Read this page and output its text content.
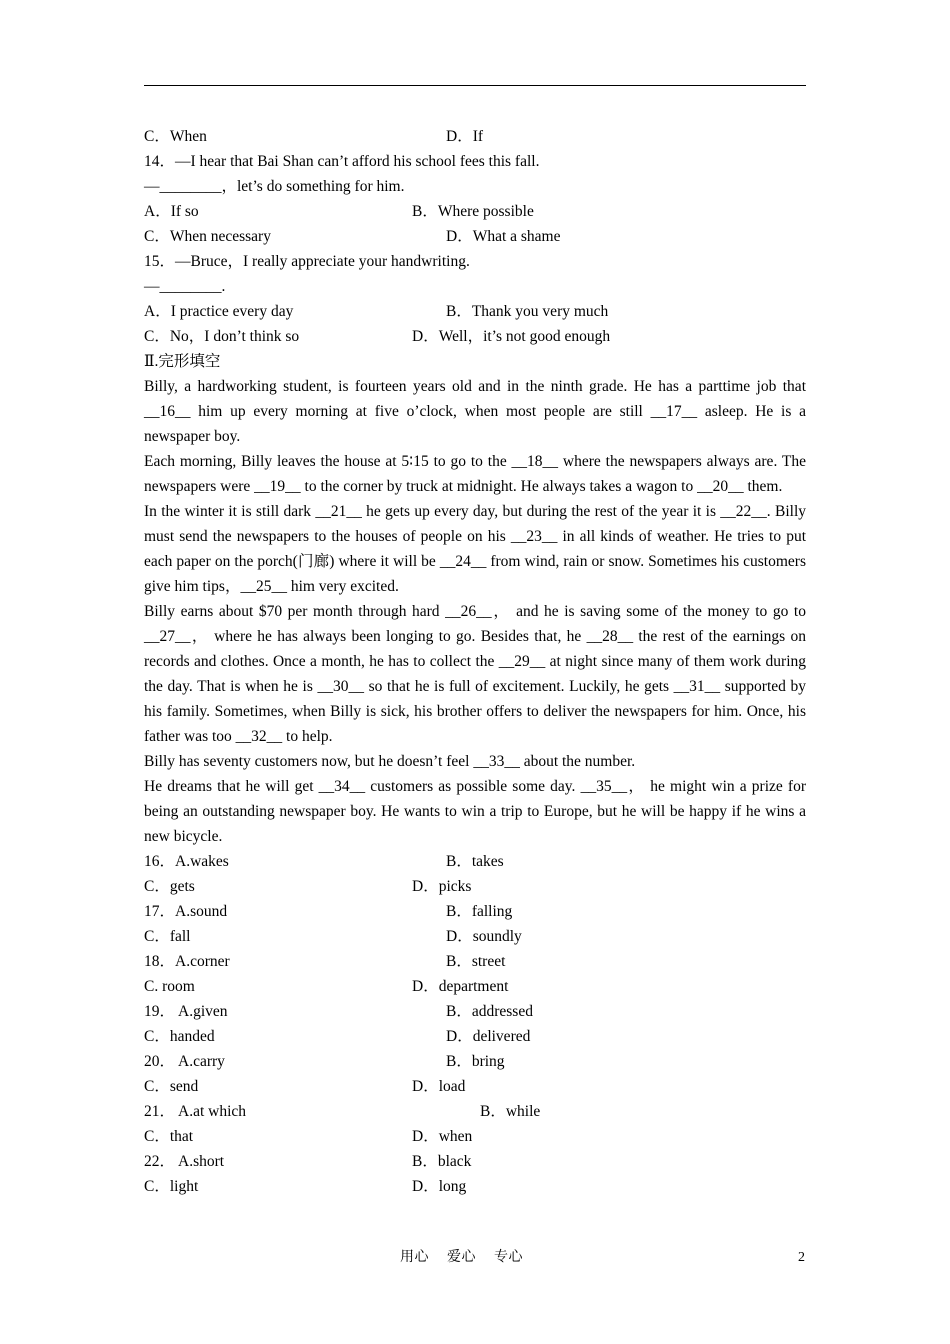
C．When	D．If
14．—I hear that Bai Shan can’t afford his school fees this fall.
—________，let’s do something for him.
A．If so	B．Where possible
C．When necessary	D．What a shame
15．—Bruce，I really appreciate your handwriting.
—________.
A．I practice every day	B．Thank you very much
C．No，I don’t think so	D．Well，it’s not good enough
Ⅱ.完形填空
Billy, a hardworking student, is fourteen years old and in the ninth grade. He has a parttime job that __16__ him up every morning at five o’clock, when most people are still __17__ asleep. He is a newspaper boy.
Each morning, Billy leaves the house at 5∶15 to go to the __18__ where the newspapers always are. The newspapers were __19__ to the corner by truck at midnight. He always takes a wagon to __20__ them.
In the winter it is still dark __21__ he gets up every day, but during the rest of the year it is __22__. Billy must send the newspapers to the houses of people on his __23__ in all kinds of weather. He tries to put each paper on the porch(门廊) where it will be __24__ from wind, rain or snow. Sometimes his customers give him tips，__25__ him very excited.
Billy earns about $70 per month through hard __26__， and he is saving some of the money to go to __27__， where he has always been longing to go. Besides that, he __28__ the rest of the earnings on records and clothes. Once a month, he has to collect the __29__ at night since many of them work during the day. That is when he is __30__ so that he is full of excitement. Luckily, he gets __31__ supported by his family. Sometimes, when Billy is sick, his brother offers to deliver the newspapers for him. Once, his father was too __32__ to help.
Billy has seventy customers now, but he doesn’t feel __33__ about the number.
He dreams that he will get __34__ customers as possible some day. __35__， he might win a prize for being an outstanding newspaper boy. He wants to win a trip to Europe, but he will be happy if he wins a new bicycle.
16．A.wakes	B．takes
C．gets	D．picks
17．A.sound	B．falling
C．fall	D．soundly
18．A.corner	B．street
C. room	D．department
19． A.given	B．addressed
C．handed	D．delivered
20． A.carry	B．bring
C．send	D．load
21． A.at which	B．while
C．that	D．when
22． A.short	B．black
C．light	D．long
用心 爱心 专心	2
